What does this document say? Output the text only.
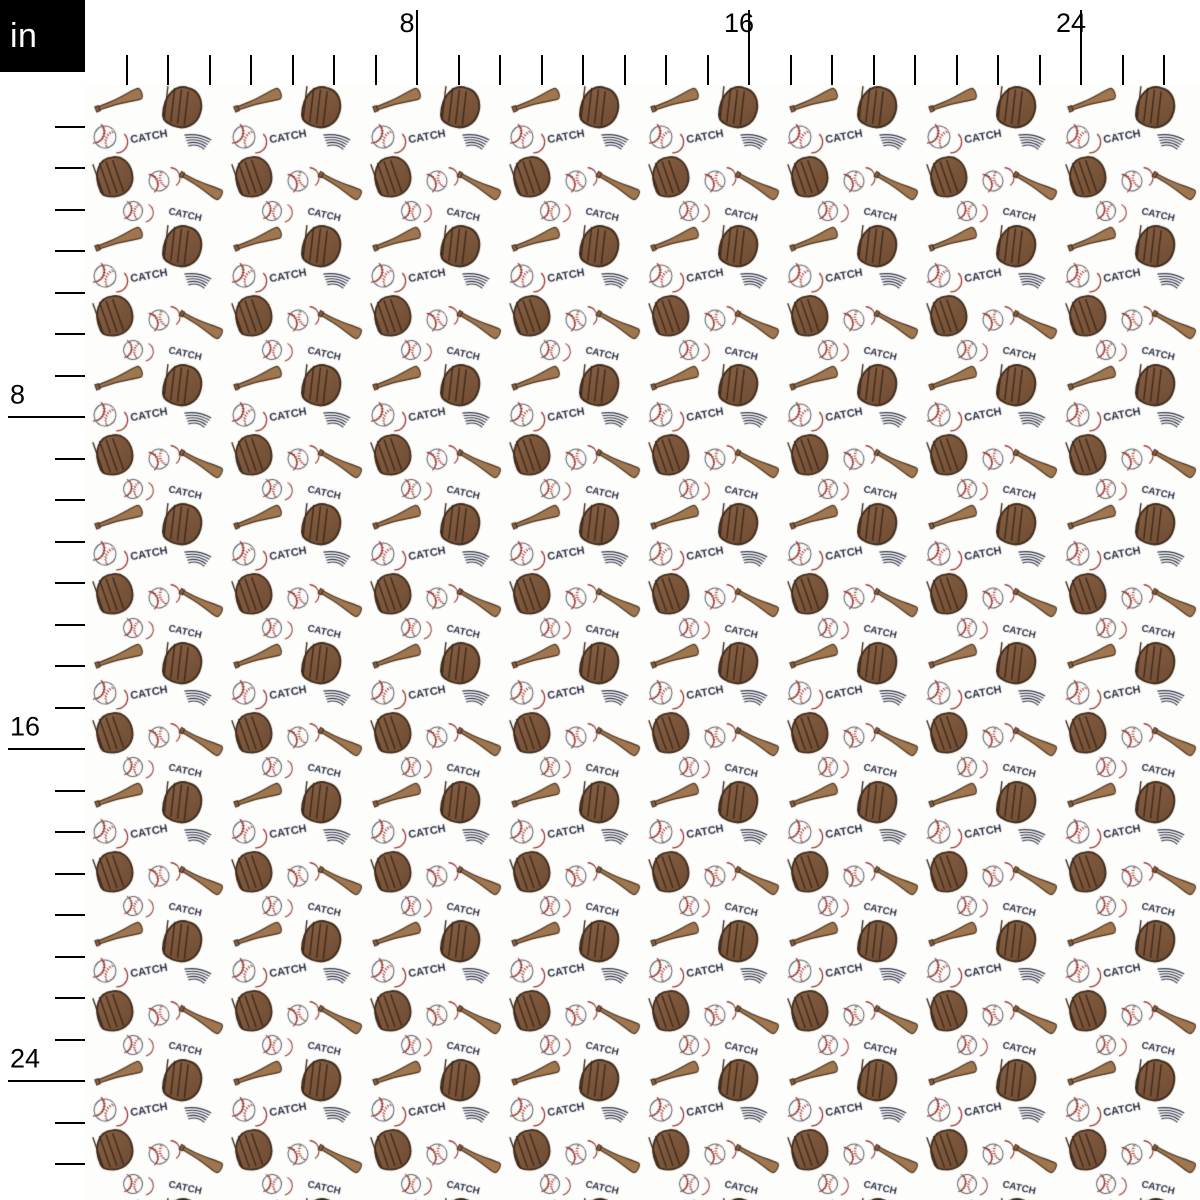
in	8	16	24
8
16
24
